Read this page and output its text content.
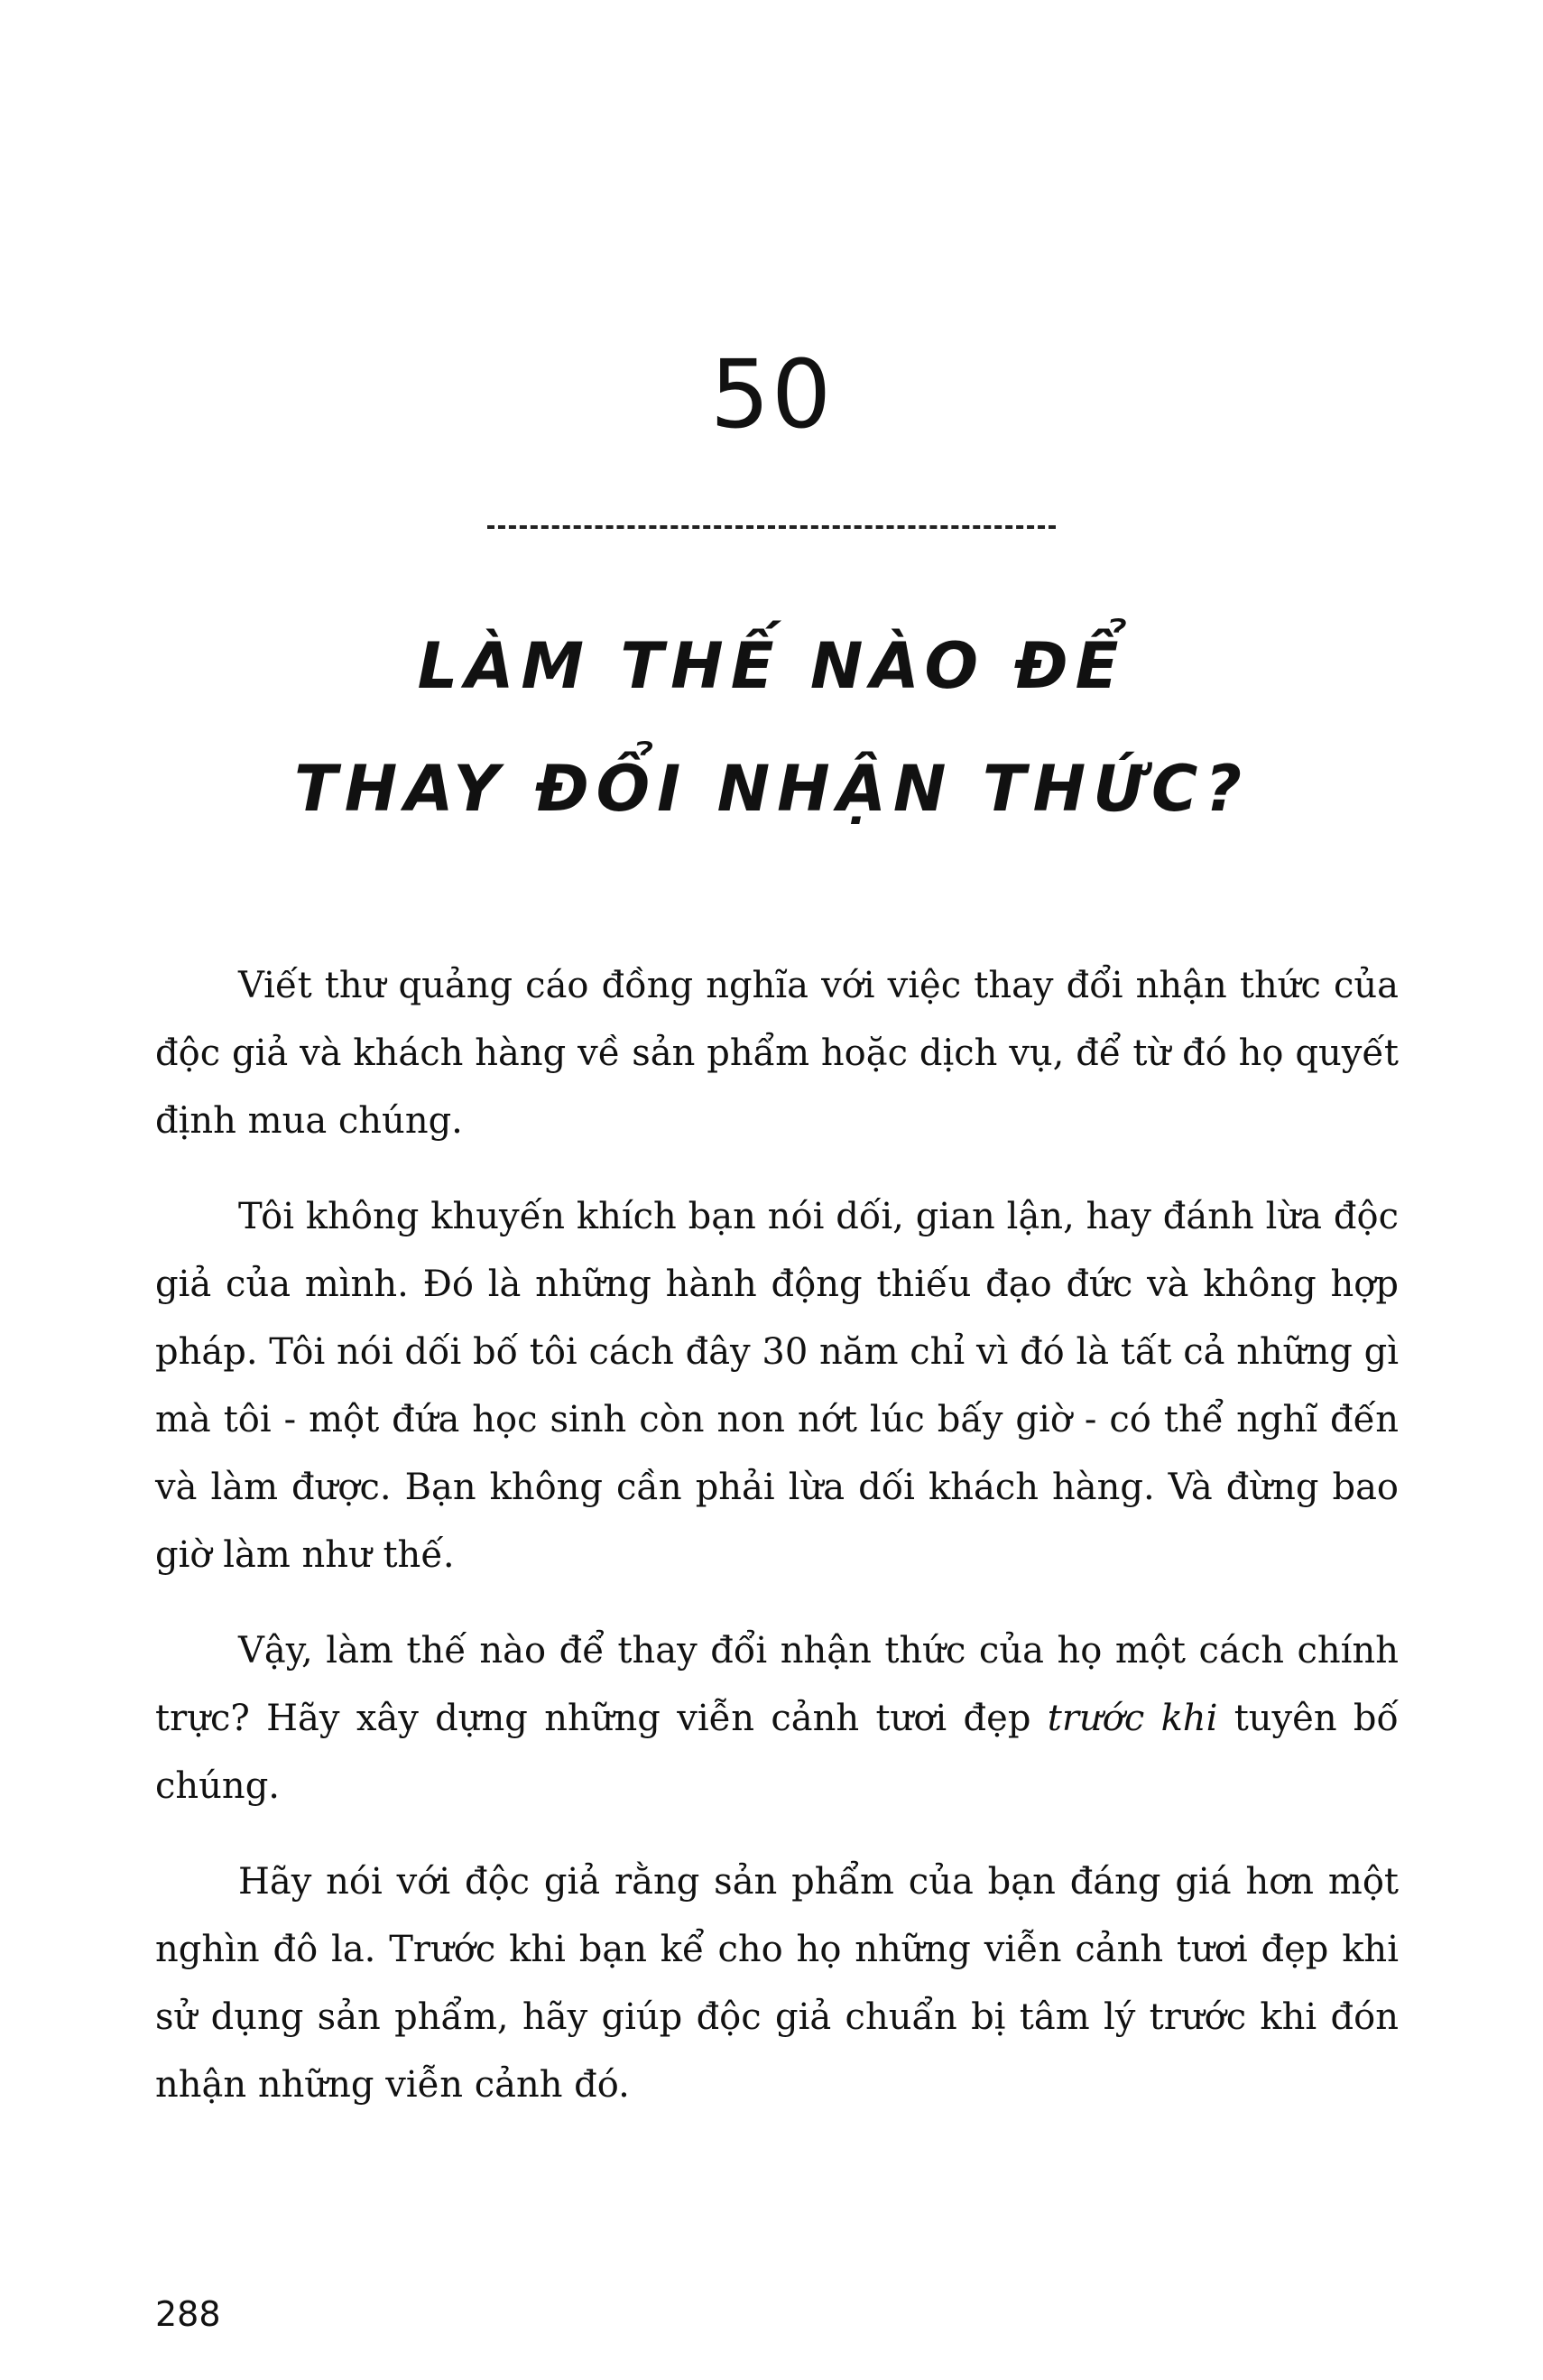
50
LÀM THẾ NÀO ĐỂ
THAY ĐỔI NHẬN THỨC?

Viết thư quảng cáo đồng nghĩa với việc thay đổi nhận thức của độc giả và khách hàng về sản phẩm hoặc dịch vụ, để từ đó họ quyết định mua chúng.

Tôi không khuyến khích bạn nói dối, gian lận, hay đánh lừa độc giả của mình. Đó là những hành động thiếu đạo đức và không hợp pháp. Tôi nói dối bố tôi cách đây 30 năm chỉ vì đó là tất cả những gì mà tôi - một đứa học sinh còn non nớt lúc bấy giờ - có thể nghĩ đến và làm được. Bạn không cần phải lừa dối khách hàng. Và đừng bao giờ làm như thế.

Vậy, làm thế nào để thay đổi nhận thức của họ một cách chính trực? Hãy xây dựng những viễn cảnh tươi đẹp trước khi tuyên bố chúng.

Hãy nói với độc giả rằng sản phẩm của bạn đáng giá hơn một nghìn đô la. Trước khi bạn kể cho họ những viễn cảnh tươi đẹp khi sử dụng sản phẩm, hãy giúp độc giả chuẩn bị tâm lý trước khi đón nhận những viễn cảnh đó.

288
